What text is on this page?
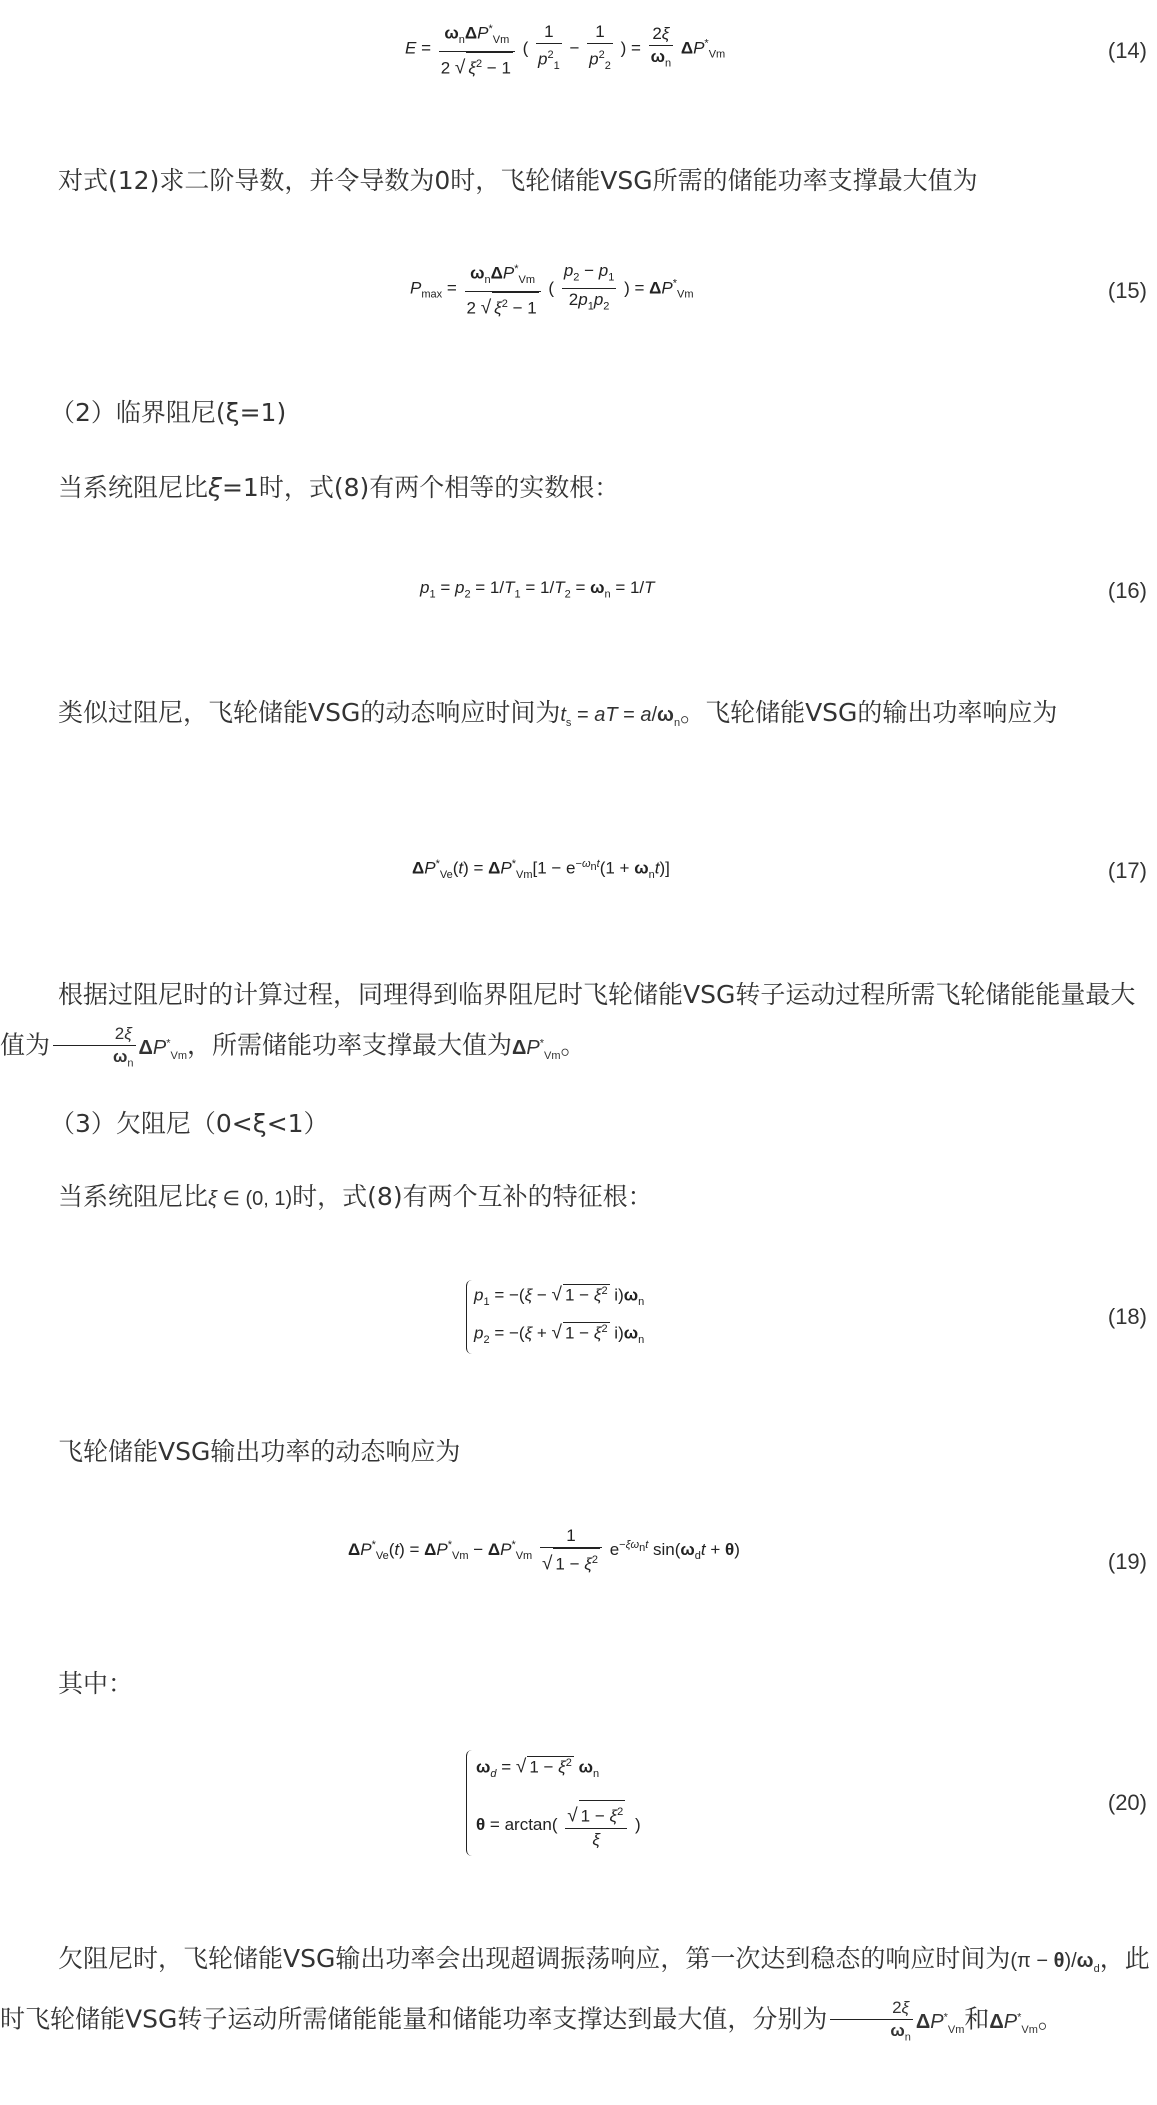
$E = \frac{\omega_n\Delta P^*_{Vm}}{2 √ \xi^2 - 1}$ ( $\frac{1}{p^2_1} - \frac{1}{p^2_2}$ ) = $\frac{2\xi}{\omega_n} \Delta P^*_{Vm}$	(14)
对式(12)求二阶导数，并令导数为0时，飞轮储能VSG所需的储能功率支撑最大值为
$P_{max} = \frac{\omega_n\Delta P^*_{Vm}}{2 √ \xi^2 - 1}$ ( $\frac{p_2 - p_1}{2p_1p_2}$ ) = $\Delta P^*_{Vm}$	(15)
（2）临界阻尼(ξ=1)
当系统阻尼比ξ=1时，式(8)有两个相等的实数根：
$p_1 = p_2 = 1/T_1 = 1/T_2 = \omega_n = 1/T$	(16)
类似过阻尼，飞轮储能VSG的动态响应时间为$t_s$ = aT = $a/\omega_n$。飞轮储能VSG的输出功率响应为
$\Delta P^*_{Ve}(t) = \Delta P^*_{Vm}[1 - e^{-\omega_nt}(1 + \omega_nt)]$	(17)
根据过阻尼时的计算过程，同理得到临界阻尼时飞轮储能VSG转子运动过程所需飞轮储能能量最大值为 $\frac{2\xi}{\omega_n} \Delta P^*_{Vm}$，所需储能功率支撑最大值为$\Delta P^*_{Vm}$。
（3）欠阻尼（0<ξ<1）
当系统阻尼比ξ ∈ (0, 1)时，式(8)有两个互补的特征根：
$p_1 = -(\xi$ − √ $1 - \xi^2$ $i)\omega_n$
$p_2 = -(\xi$ + √ $1 - \xi^2$ $i)\omega_n$
(18)
飞轮储能VSG输出功率的动态响应为
$\Delta P^*_{Ve}(t) = \Delta P^*_{Vm} - \Delta P^*_{Vm} \frac{1}{√ 1 - \xi^2} e^{-\xi\omega_nt}$ $\sin(\omega_dt + \theta)$	(19)
其中：
$\omega_d$ = √ $1 - \xi^2$ $\omega_n$
$\theta = \arctan( \frac{√ 1 - \xi^2}{\xi}$ )
(20)
欠阻尼时，飞轮储能VSG输出功率会出现超调振荡响应，第一次达到稳态的响应时间为$(\pi - \theta)/\omega_d$，此时飞轮储能VSG转子运动所需储能能量和储能功率支撑达到最大值，分别为 $\frac{2\xi}{\omega_n} \Delta P^*_{Vm}$和$\Delta P^*_{Vm}$。
